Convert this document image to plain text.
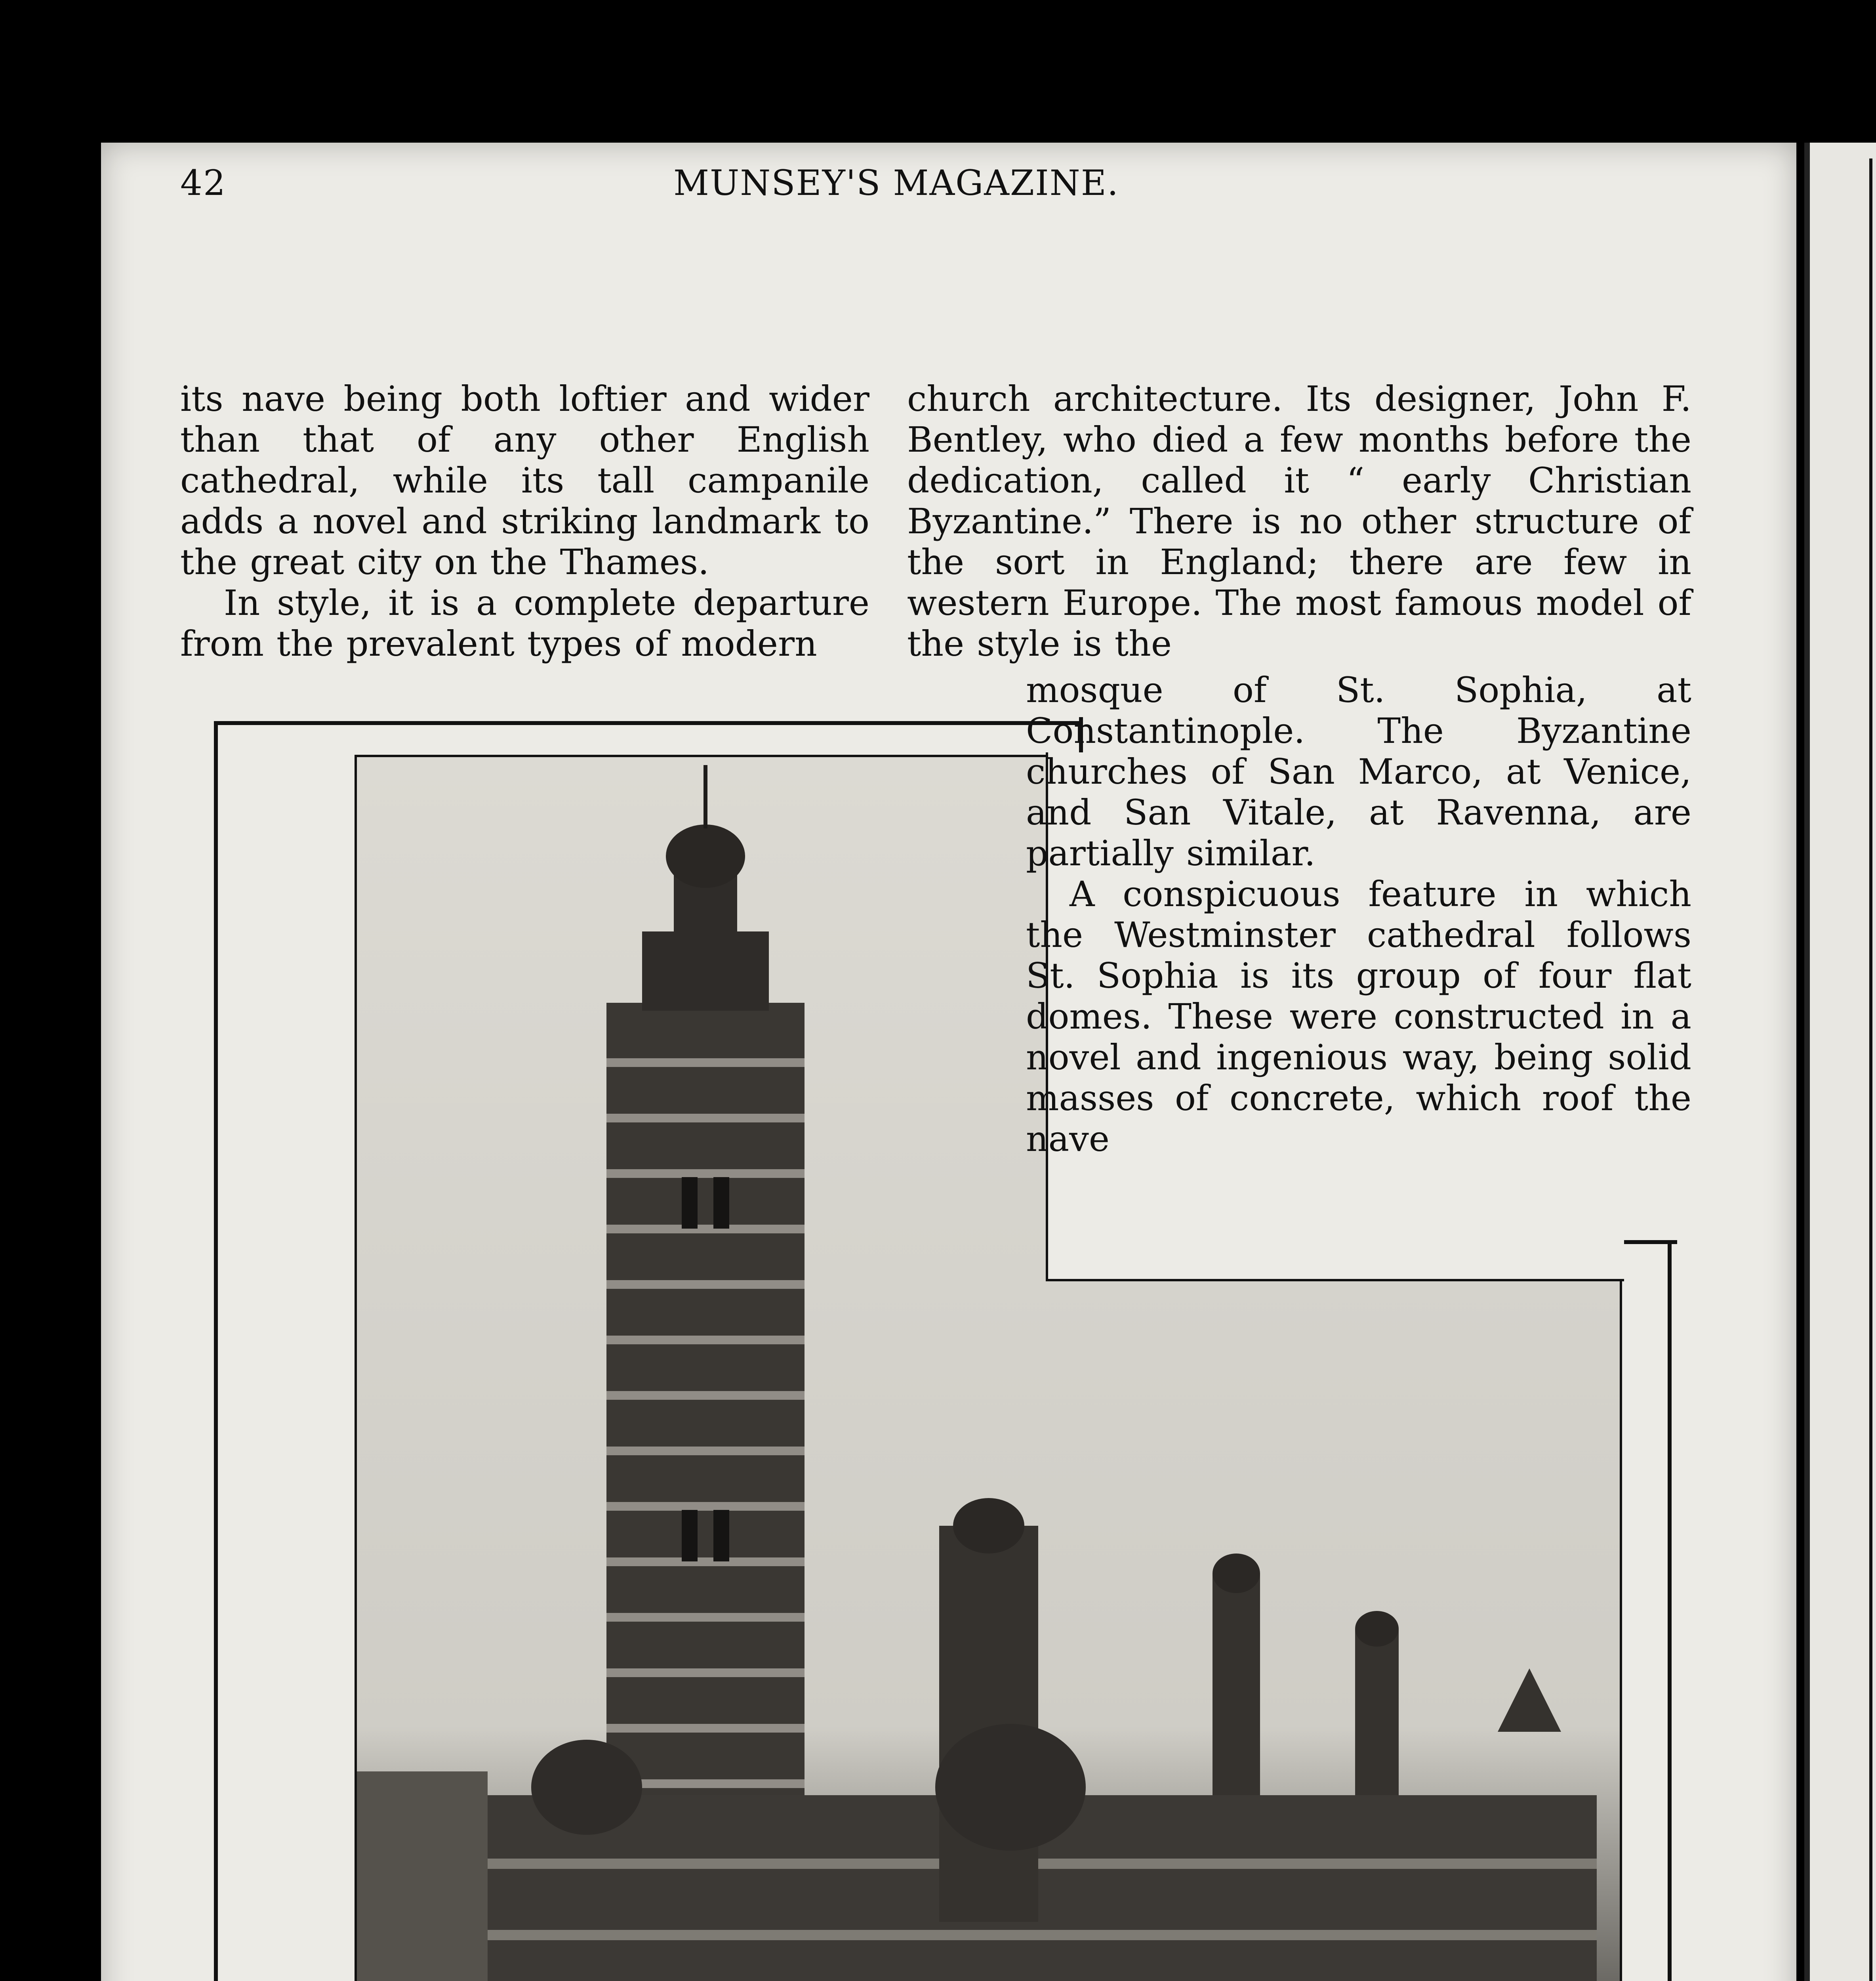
42	MUNSEY'S MAGAZINE.

its nave being both loftier and wider than that of any other English cathedral, while its tall campanile adds a novel and striking landmark to the great city on the Thames.

In style, it is a complete departure from the prevalent types of modern

church architecture. Its designer, John F. Bentley, who died a few months before the dedication, called it “ early Christian Byzantine.” There is no other structure of the sort in England; there are few in western Europe. The most famous model of the style is the

mosque of St. Sophia, at Constantinople. The Byzantine churches of San Marco, at Venice, and San Vitale, at Ravenna, are partially similar.

A conspicuous feature in which the Westminster cathedral follows St. Sophia is its group of four flat domes. These were constructed in a novel and ingenious way, being solid masses of concrete, which roof the nave
